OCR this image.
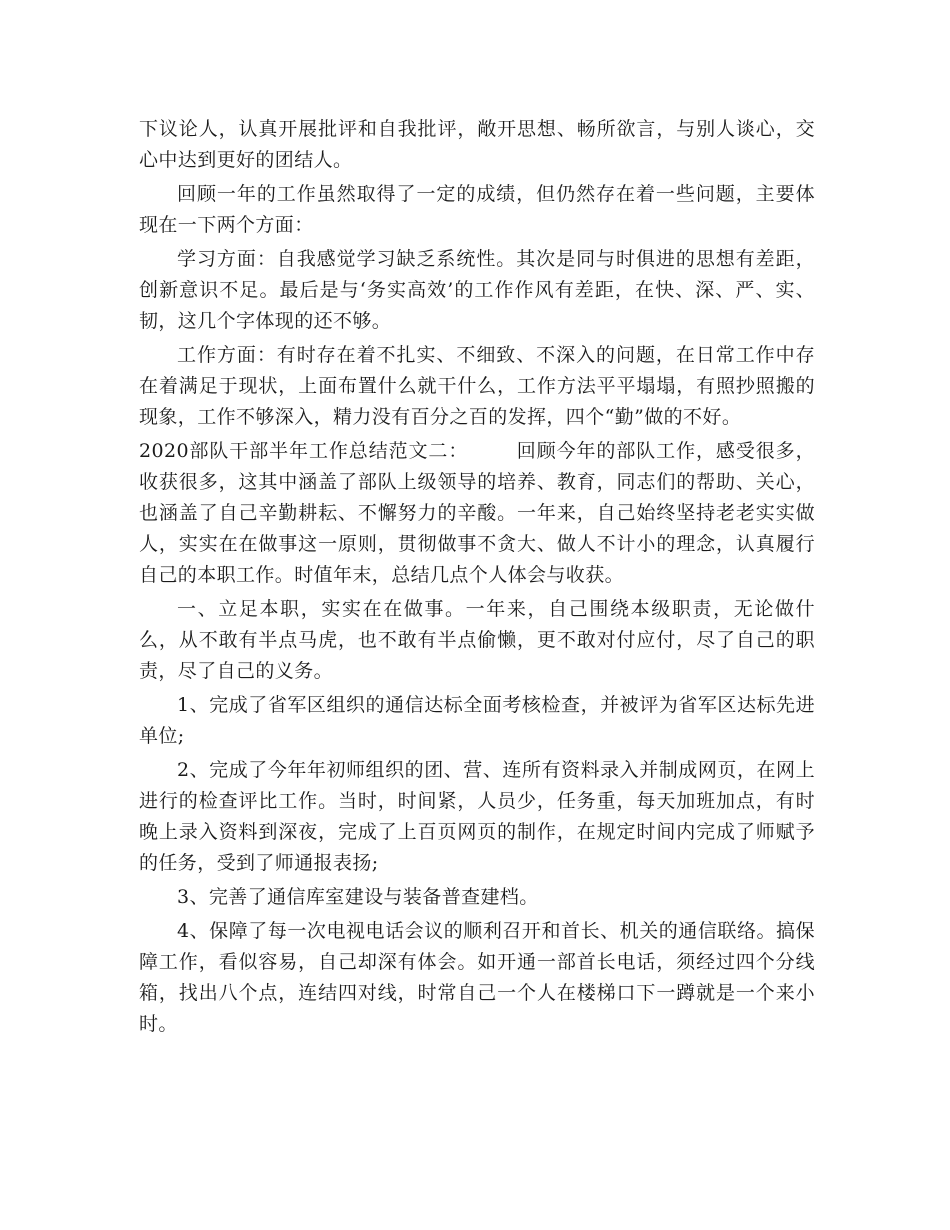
下议论人，认真开展批评和自我批评，敞开思想、畅所欲言，与别人谈心，交心中达到更好的团结人。

回顾一年的工作虽然取得了一定的成绩，但仍然存在着一些问题，主要体现在一下两个方面：

学习方面：自我感觉学习缺乏系统性。其次是同与时俱进的思想有差距，创新意识不足。最后是与‘务实高效’的工作作风有差距，在快、深、严、实、韧，这几个字体现的还不够。

工作方面：有时存在着不扎实、不细致、不深入的问题，在日常工作中存在着满足于现状，上面布置什么就干什么，工作方法平平塌塌，有照抄照搬的现象，工作不够深入，精力没有百分之百的发挥，四个“勤”做的不好。

2020部队干部半年工作总结范文二：	回顾今年的部队工作，感受很多，收获很多，这其中涵盖了部队上级领导的培养、教育，同志们的帮助、关心，也涵盖了自己辛勤耕耘、不懈努力的辛酸。一年来，自己始终坚持老老实实做人，实实在在做事这一原则，贯彻做事不贪大、做人不计小的理念，认真履行自己的本职工作。时值年末，总结几点个人体会与收获。

一、立足本职，实实在在做事。一年来，自己围绕本级职责，无论做什么，从不敢有半点马虎，也不敢有半点偷懒，更不敢对付应付，尽了自己的职责，尽了自己的义务。

1、完成了省军区组织的通信达标全面考核检查，并被评为省军区达标先进单位;

2、完成了今年年初师组织的团、营、连所有资料录入并制成网页，在网上进行的检查评比工作。当时，时间紧，人员少，任务重，每天加班加点，有时晚上录入资料到深夜，完成了上百页网页的制作，在规定时间内完成了师赋予的任务，受到了师通报表扬;

3、完善了通信库室建设与装备普查建档。

4、保障了每一次电视电话会议的顺利召开和首长、机关的通信联络。搞保障工作，看似容易，自己却深有体会。如开通一部首长电话，须经过四个分线箱，找出八个点，连结四对线，时常自己一个人在楼梯口下一蹲就是一个来小时。
